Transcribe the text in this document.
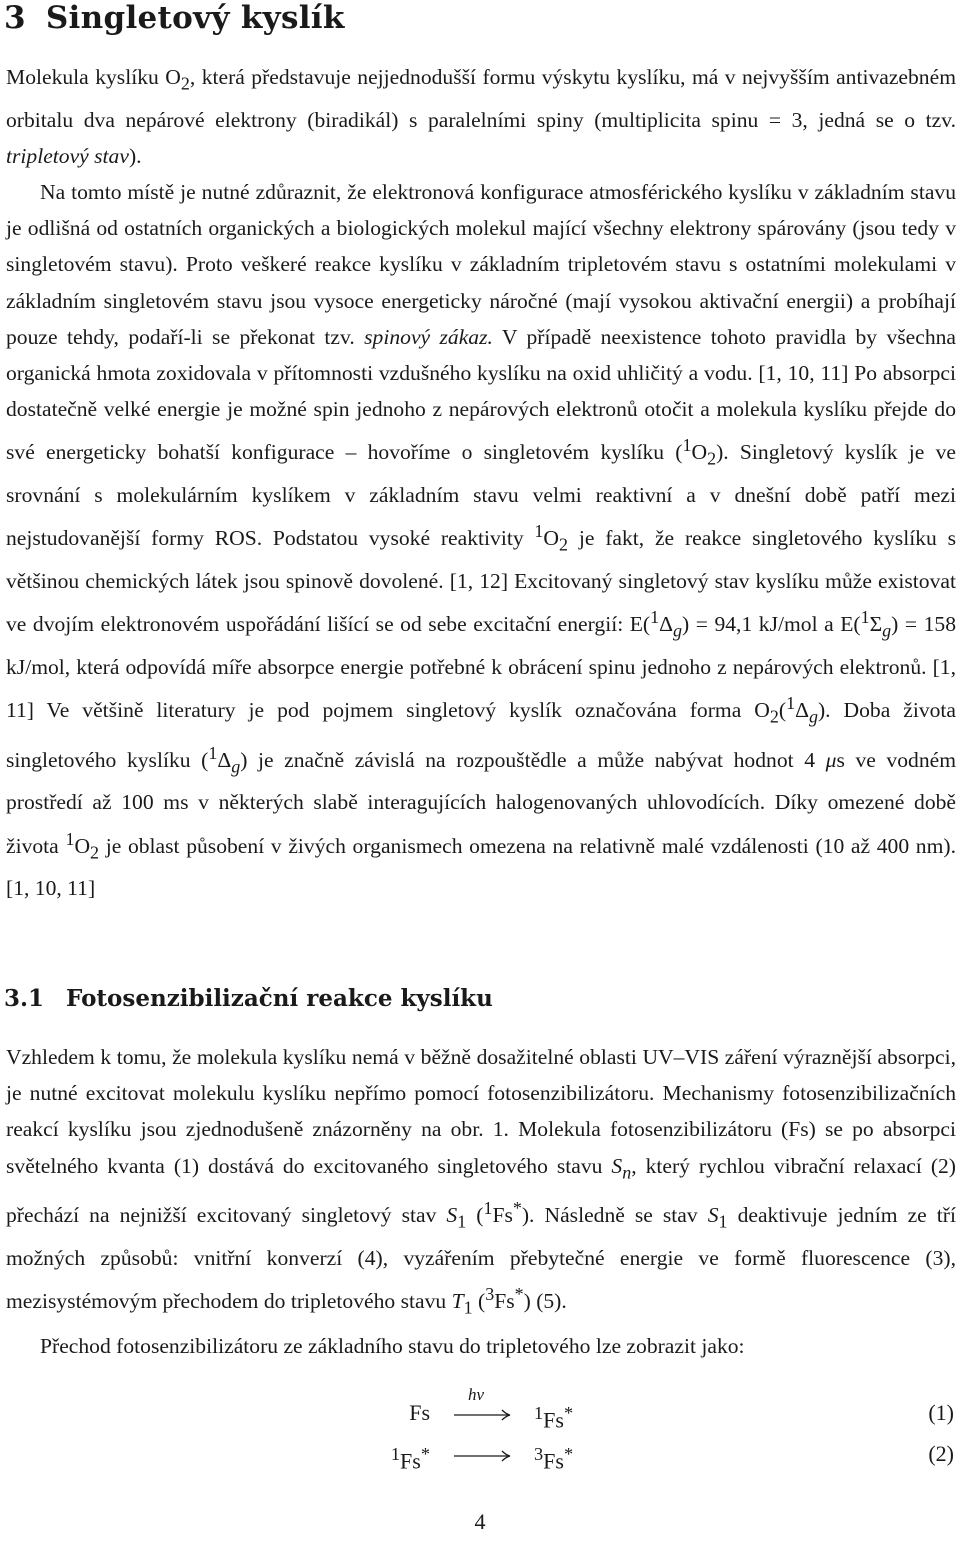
3 Singletový kyslík

Molekula kyslíku $O_2$, která představuje nejjednodušší formu výskytu kyslíku, má v nejvyšším antivazebném orbitalu dva nepárové elektrony (biradikál) s paralelními spiny (multiplicita spinu = 3, jedná se o tzv. tripletový stav).
Na tomto místě je nutné zdůraznit, že elektronová konfigurace atmosférického kyslíku v základním stavu je odlišná od ostatních organických a biologických molekul mající všechny elektrony spárovány (jsou tedy v singletovém stavu). Proto veškeré reakce kyslíku v základním tripletovém stavu s ostatními molekulami v základním singletovém stavu jsou vysoce energeticky náročné (mají vysokou aktivační energii) a probíhají pouze tehdy, podaří-li se překonat tzv. spinový zákaz. V případě neexistence tohoto pravidla by všechna organická hmota zoxidovala v přítomnosti vzdušného kyslíku na oxid uhličitý a vodu. [1, 10, 11] Po absorpci dostatečně velké energie je možné spin jednoho z nepárových elektronů otočit a molekula kyslíku přejde do své energeticky bohatší konfigurace – hovoříme o singletovém kyslíku $(^1O_2)$. Singletový kyslík je ve srovnání s molekulárním kyslíkem v základním stavu velmi reaktivní a v dnešní době patří mezi nejstudovanější formy ROS. Podstatou vysoké reaktivity $^1O_2$ je fakt, že reakce singletového kyslíku s většinou chemických látek jsou spinově dovolené. [1, 12] Excitovaný singletový stav kyslíku může existovat ve dvojím elektronovém uspořádání lišící se od sebe excitační energií: $E(^1\Delta_g) = 94,1$ kJ/mol a $E(^1\Sigma_g) = 158$ kJ/mol, která odpovídá míře absorpce energie potřebné k obrácení spinu jednoho z nepárových elektronů. [1, 11] Ve většině literatury je pod pojmem singletový kyslík označována forma $O_2(^1\Delta_g)$. Doba života singletového kyslíku $(^1\Delta_g)$ je značně závislá na rozpouštědle a může nabývat hodnot 4 μs ve vodném prostředí až 100 ms v některých slabě interagujících halogenovaných uhlovodících. Díky omezené době života $^1O_2$ je oblast působení v živých organismech omezena na relativně malé vzdálenosti (10 až 400 nm). [1, 10, 11]

3.1 Fotosenzibilizační reakce kyslíku

Vzhledem k tomu, že molekula kyslíku nemá v běžně dosažitelné oblasti UV–VIS záření výraznější absorpci, je nutné excitovat molekulu kyslíku nepřímo pomocí fotosenzibilizátoru. Mechanismy fotosenzibilizačních reakcí kyslíku jsou zjednodušeně znázorněny na obr. 1. Molekula fotosenzibilizátoru (Fs) se po absorpci světelného kvanta (1) dostává do excitovaného singletového stavu $S_n$, který rychlou vibrační relaxací (2) přechází na nejnižší excitovaný singletový stav $S_1$ ($^1$Fs*). Následně se stav $S_1$ deaktivuje jedním ze tří možných způsobů: vnitřní konverzí (4), vyzářením přebytečné energie ve formě fluorescence (3), mezisystémovým přechodem do tripletového stavu $T_1$ ($^3$Fs*) (5).

Přechod fotosenzibilizátoru ze základního stavu do tripletového lze zobrazit jako:

Fs
hν
$^1$Fs*	(1)
$^1$Fs* → $^3$Fs*	(2)
4
